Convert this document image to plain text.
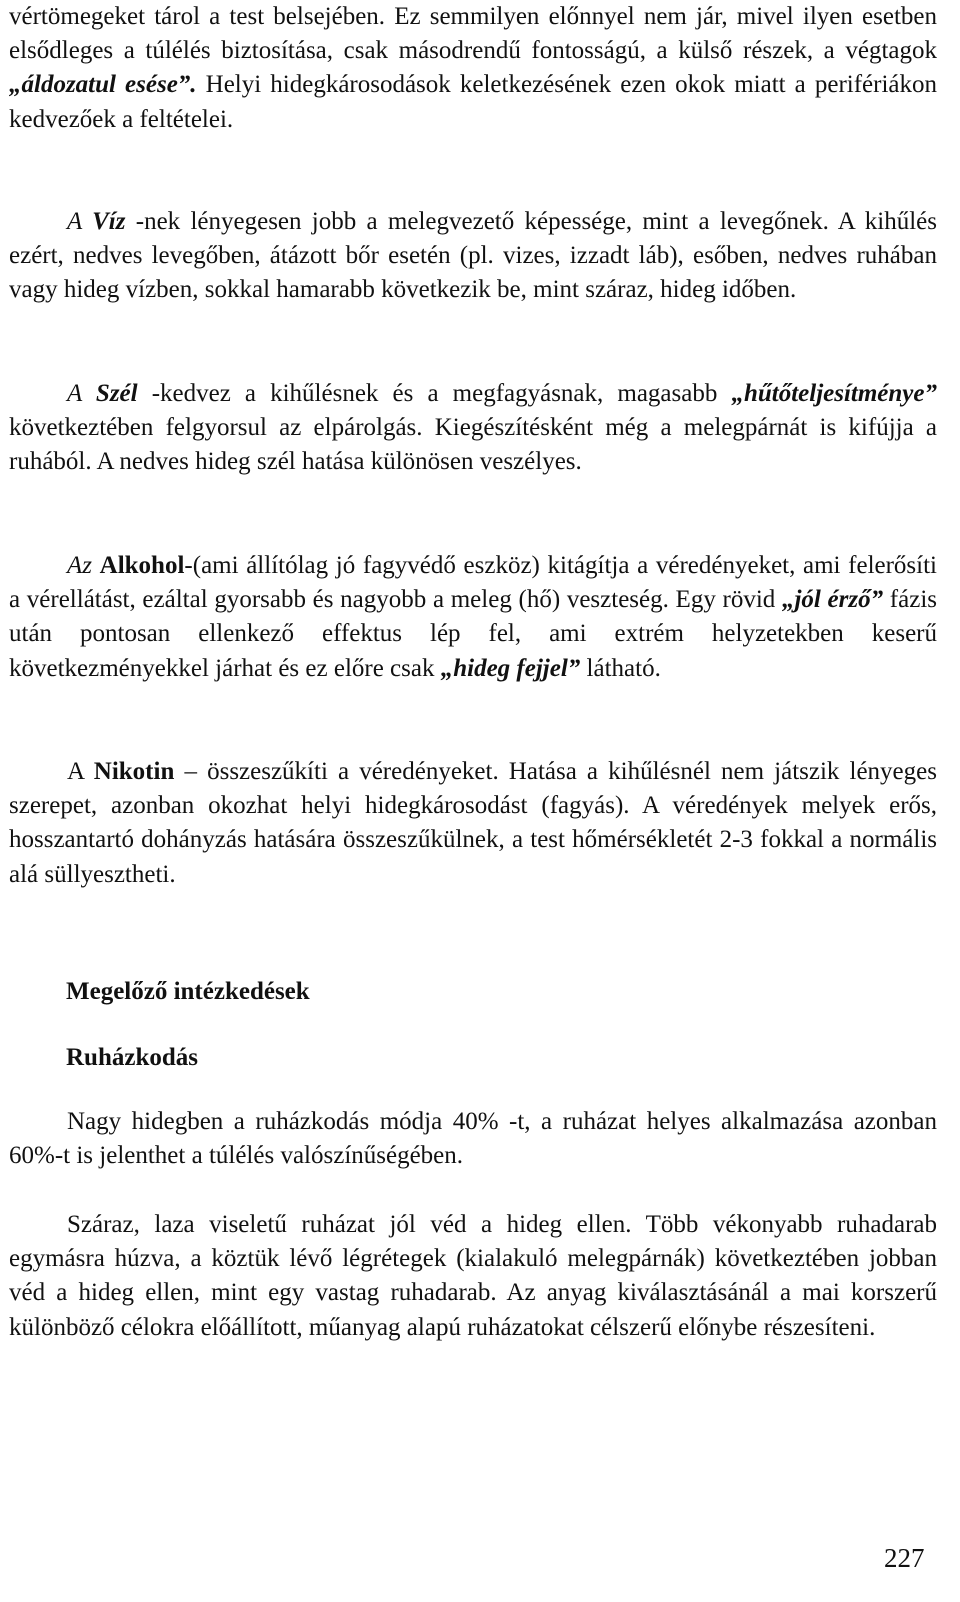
vértömegeket tárol a test belsejében. Ez semmilyen előnnyel nem jár, mivel ilyen esetben elsődleges a túlélés biztosítása, csak másodrendű fontosságú, a külső részek, a végtagok „áldozatul esése”. Helyi hidegkárosodások keletkezésének ezen okok miatt a perifériákon kedvezőek a feltételei.

A Víz -nek lényegesen jobb a melegvezető képessége, mint a levegőnek. A kihűlés ezért, nedves levegőben, átázott bőr esetén (pl. vizes, izzadt láb), esőben, nedves ruhában vagy hideg vízben, sokkal hamarabb következik be, mint száraz, hideg időben.

A Szél -kedvez a kihűlésnek és a megfagyásnak, magasabb „hűtőteljesítménye” következtében felgyorsul az elpárolgás. Kiegészítésként még a melegpárnát is kifújja a ruhából. A nedves hideg szél hatása különösen veszélyes.

Az Alkohol-(ami állítólag jó fagyvédő eszköz) kitágítja a véredényeket, ami felerősíti a vérellátást, ezáltal gyorsabb és nagyobb a meleg (hő) veszteség. Egy rövid „jól érző” fázis után pontosan ellenkező effektus lép fel, ami extrém helyzetekben keserű következményekkel járhat és ez előre csak „hideg fejjel” látható.

A Nikotin – összeszűkíti a véredényeket. Hatása a kihűlésnél nem játszik lényeges szerepet, azonban okozhat helyi hidegkárosodást (fagyás). A véredények melyek erős, hosszantartó dohányzás hatására összeszűkülnek, a test hőmérsékletét 2-3 fokkal a normális alá süllyesztheti.

Megelőző intézkedések
Ruházkodás

Nagy hidegben a ruházkodás módja 40% -t, a ruházat helyes alkalmazása azonban 60%-t is jelenthet a túlélés valószínűségében.

Száraz, laza viseletű ruházat jól véd a hideg ellen. Több vékonyabb ruhadarab egymásra húzva, a köztük lévő légrétegek (kialakuló melegpárnák) következtében jobban véd a hideg ellen, mint egy vastag ruhadarab. Az anyag kiválasztásánál a mai korszerű különböző célokra előállított, műanyag alapú ruházatokat célszerű előnybe részesíteni.

227
